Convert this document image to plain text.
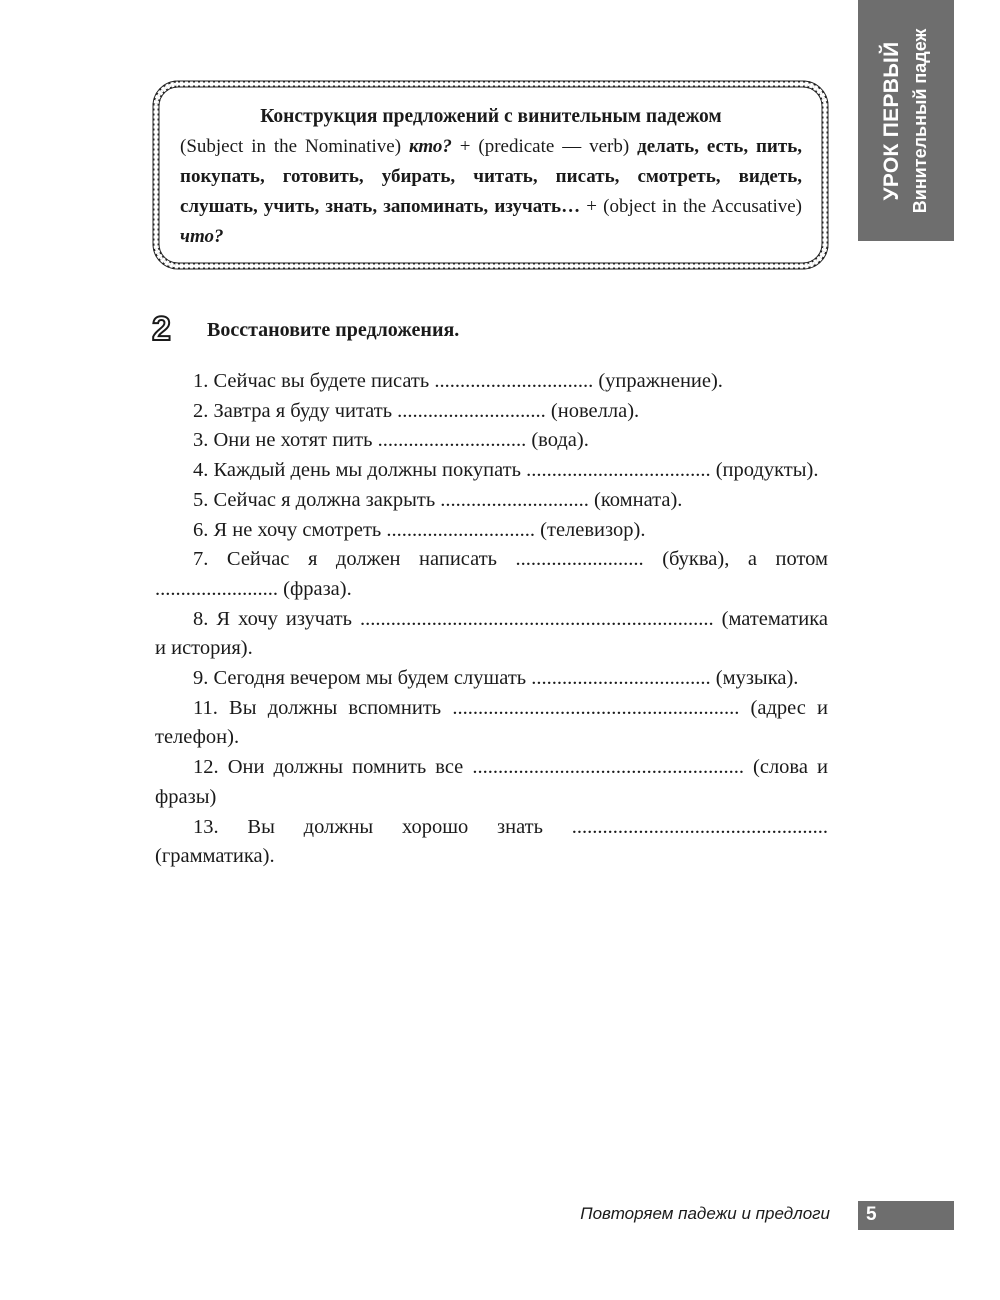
УРОК ПЕРВЫЙ Винительный падеж
Конструкция предложений с винительным падежом
(Subject in the Nominative) кто? + (predicate — verb) делать, есть, пить, покупать, готовить, убирать, читать, писать, смотреть, видеть, слушать, учить, знать, запоминать, изучать… + (object in the Accusative) что?
2 Восстановите предложения.
1. Сейчас вы будете писать ............................... (упражнение).
2. Завтра я буду читать ............................. (новелла).
3. Они не хотят пить ............................. (вода).
4. Каждый день мы должны покупать .................................... (продукты).
5. Сейчас я должна закрыть ............................. (комната).
6. Я не хочу смотреть ............................. (телевизор).
7. Сейчас я должен написать ......................... (буква), а потом ........................ (фраза).
8. Я хочу изучать ..................................................................... (математика и история).
9. Сегодня вечером мы будем слушать ................................... (музыка).
11. Вы должны вспомнить ........................................................ (адрес и телефон).
12. Они должны помнить все ..................................................... (слова и фразы)
13. Вы должны хорошо знать .................................................. (грамматика).
Повторяем падежи и предлоги 5
